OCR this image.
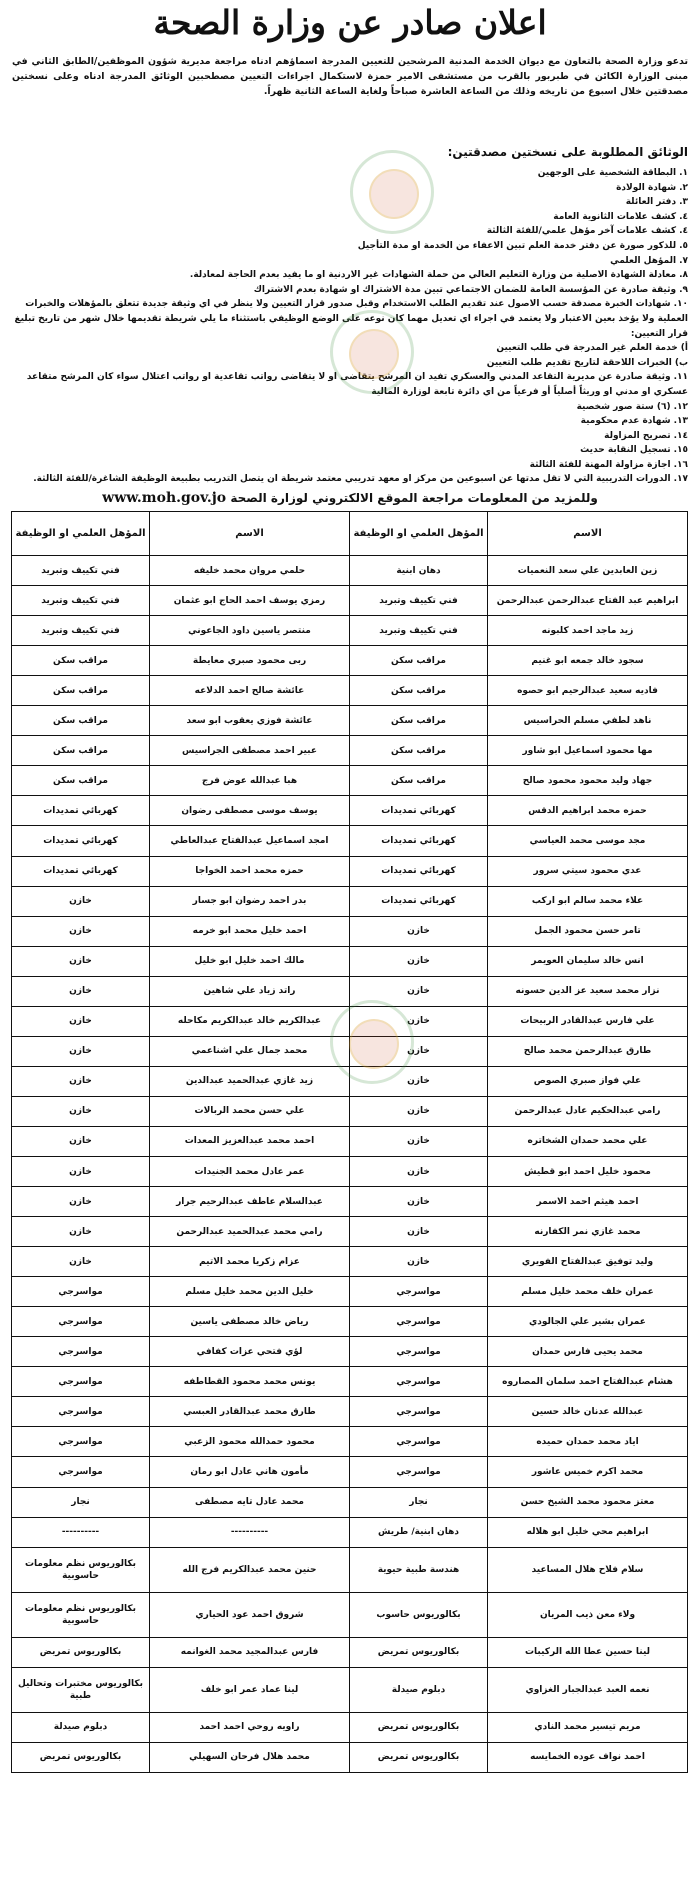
اعلان صادر عن وزارة الصحة

تدعو وزارة الصحة بالتعاون مع ديوان الخدمة المدنية المرشحين للتعيين المدرجة اسماؤهم ادناه مراجعة مديرية شؤون الموظفين/الطابق الثاني في مبنى الوزارة الكائن في طبربور بالقرب من مستشفى الامير حمزة لاستكمال اجراءات التعيين مصطحبين الوثائق المدرجة ادناه وعلى نسختين مصدقتين خلال اسبوع من تاريخه وذلك من الساعة العاشرة صباحاً ولغاية الساعة الثانية ظهراً.

الوثائق المطلوبة على نسختين مصدقتين:
١.البطاقة الشخصية على الوجهين
٢.شهادة الولادة
٣.دفتر العائلة
٤.كشف علامات الثانوية العامة
٤.كشف علامات آخر مؤهل علمي/للفئة الثالثة
٥.للذكور صورة عن دفتر خدمة العلم تبين الاعفاء من الخدمة او مدة التأجيل
٧.المؤهل العلمي
٨.معادلة الشهادة الاصلية من وزارة التعليم العالي من حملة الشهادات غير الاردنية او ما يفيد بعدم الحاجة لمعادلة.
٩.وثيقة صادرة عن المؤسسة العامة للضمان الاجتماعي تبين مدة الاشتراك او شهادة بعدم الاشتراك
١٠.شهادات الخبرة مصدقة حسب الاصول عند تقديم الطلب الاستخدام وقبل صدور قرار التعيين ولا ينظر في اي وثيقة جديدة تتعلق بالمؤهلات والخبرات العملية ولا يؤخذ بعين الاعتبار ولا يعتمد في اجراء اي تعديل مهما كان نوعه على الوضع الوظيفي باستثناء ما يلي شريطة تقديمها خلال شهر من تاريخ تبليغ قرار التعيين:
أ)خدمة العلم غير المدرجة في طلب التعيين
ب)الخبرات اللاحقة لتاريخ تقديم طلب التعيين
١١.وثيقة صادرة عن مديرية التقاعد المدني والعسكري تفيد ان المرشح يتقاضى او لا يتقاضى رواتب تقاعدية او رواتب اعتلال سواء كان المرشح متقاعد عسكري او مدني او وريثاً أصلياً أو فرعياً من اي دائرة تابعة لوزارة المالية
١٢.(٦) ستة صور شخصية
١٣.شهادة عدم محكومية
١٤.تصريح المزاولة
١٥.تسجيل النقابة حديث
١٦.اجازة مزاولة المهنة للفئة الثالثة
١٧.الدورات التدريبية التي لا تقل مدتها عن اسبوعين من مركز او معهد تدريبي معتمد شريطة ان يتصل التدريب بطبيعة الوظيفة الشاغرة/للفئة الثالثة.

وللمزيد من المعلومات مراجعة الموقع الالكتروني لوزارة الصحة www.moh.gov.jo

الاسم	المؤهل العلمي او الوظيفة	الاسم	المؤهل العلمي او الوظيفة
زين العابدين علي سعد النعميات	دهان ابنية	حلمي مروان محمد خليفه	فني تكييف وتبريد
ابراهيم عبد الفتاح عبدالرحمن عبدالرحمن	فني تكييف وتبريد	رمزي يوسف احمد الحاج ابو عثمان	فني تكييف وتبريد
زيد ماجد احمد كلبونه	فني تكييف وتبريد	منتصر ياسين داود الجاعوني	فني تكييف وتبريد
سجود خالد جمعه ابو غنيم	مراقب سكن	ربى محمود صبري معايطة	مراقب سكن
فاديه سعيد عبدالرحيم ابو حصوه	مراقب سكن	عائشة صالح احمد الدلاعه	مراقب سكن
ناهد لطفي مسلم الحراسيس	مراقب سكن	عائشة فوزي يعقوب ابو سعد	مراقب سكن
مها محمود اسماعيل ابو شاور	مراقب سكن	عبير احمد مصطفى الجراسيس	مراقب سكن
جهاد وليد محمود محمود صالح	مراقب سكن	هبا عبدالله عوض فرج	مراقب سكن
حمزه محمد ابراهيم الدقس	كهربائي تمديدات	يوسف موسى مصطفى رضوان	كهربائي تمديدات
مجد موسى محمد العياسي	كهربائي تمديدات	امجد اسماعيل عبدالفتاح عبدالعاطي	كهربائي تمديدات
عدي محمود سيتي سرور	كهربائي تمديدات	حمزه محمد احمد الخواجا	كهربائي تمديدات
علاء محمد سالم ابو اركب	كهربائي تمديدات	بدر احمد رضوان ابو جسار	خازن
تامر حسن محمود الجمل	خازن	احمد خليل محمد ابو خرمه	خازن
انس خالد سليمان العويمر	خازن	مالك احمد خليل ابو خليل	خازن
نزار محمد سعيد عز الدين حسونه	خازن	راتد زياد علي شاهين	خازن
علي فارس عبدالقادر الربيحات	خازن	عبدالكريم خالد عبدالكريم مكاحله	خازن
طارق عبدالرحمن محمد صالح	خازن	محمد جمال علي اشناعمي	خازن
علي فواز صبري الصوص	خازن	زيد غازي عبدالحميد عبدالدين	خازن
رامي عبدالحكيم عادل عبدالرحمن	خازن	علي حسن محمد الربالات	خازن
علي محمد حمدان الشخاتره	خازن	احمد محمد عبدالعزيز المعدات	خازن
محمود خليل احمد ابو قطيش	خازن	عمر عادل محمد الجنيدات	خازن
احمد هيثم احمد الاسمر	خازن	عبدالسلام عاطف عبدالرحيم جرار	خازن
محمد غازي نمر الكفارنه	خازن	رامي محمد عبدالحميد عبدالرحمن	خازن
وليد توفيق عبدالفتاح الفويري	خازن	عزام زكريا محمد الاتيم	خازن
عمران خلف محمد خليل مسلم	مواسرجي	خليل الدين محمد خليل مسلم	مواسرجي
عمران بشير علي الجالودي	مواسرجي	رياض خالد مصطفى ياسين	مواسرجي
محمد يحيى فارس حمدان	مواسرجي	لؤي فتحي عزات كفافي	مواسرجي
هشام عبدالفتاح احمد سلمان المصاروه	مواسرجي	يونس محمد محمود القطاطفه	مواسرجي
عبدالله عدنان خالد حسين	مواسرجي	طارق محمد عبدالقادر العبسي	مواسرجي
اياد محمد حمدان حميده	مواسرجي	محمود حمدالله محمود الزعبي	مواسرجي
محمد اكرم خميس عاشور	مواسرجي	مأمون هاني عادل ابو رمان	مواسرجي
معتز محمود محمد الشيخ حسن	نجار	محمد عادل تايه مصطفى	نجار
ابراهيم محي خليل ابو هلاله	دهان ابنية/ طريش	----------	----------
سلام فلاح هلال المساعيد	هندسة طبية حيوية	حنين محمد عبدالكريم فرج الله	بكالوريوس نظم معلومات حاسوبية
ولاء معن ذيب المريان	بكالوريوس حاسوب	شروق احمد عود الحياري	بكالوريوس نظم معلومات حاسوبية
لينا حسين عطا الله الركيبات	بكالوريوس تمريض	فارس عبدالمجيد محمد الغوانمه	بكالوريوس تمريض
نعمه العبد عبدالجبار الغزاوي	دبلوم صيدلة	لينا عماد عمر ابو خلف	بكالوريوس مختبرات وتحاليل طبية
مريم تيسير محمد النادي	بكالوريوس تمريض	راويه روحي احمد احمد	دبلوم صيدلة
احمد نواف عوده الخمايسه	بكالوريوس تمريض	محمد هلال فرحان السهيلي	بكالوريوس تمريض
